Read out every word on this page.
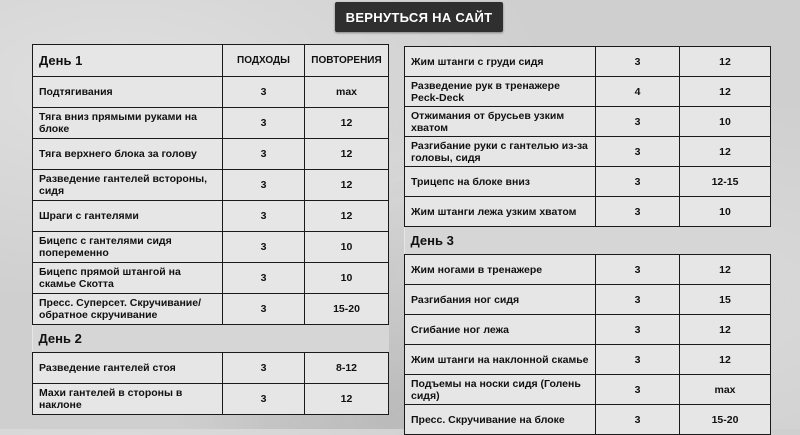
ВЕРНУТЬСЯ НА САЙТ
День 1	ПОДХОДЫ	ПОВТОРЕНИЯ
Подтягивания	3	max
Тяга вниз прямыми руками на блоке	3	12
Тяга верхнего блока за голову	3	12
Разведение гантелей встороны, сидя	3	12
Шраги с гантелями	3	12
Бицепс с гантелями сидя попеременно	3	10
Бицепс прямой штангой на скамье Скотта	3	10
Пресс. Суперсет. Скручивание/обратное скручивание	3	15-20
День 2		
Разведение гантелей стоя	3	8-12
Махи гантелей в стороны в наклоне	3	12
Жим штанги с груди сидя	3	12
Разведение рук в тренажере Peck-Deck	4	12
Отжимания от брусьев узким хватом	3	10
Разгибание руки с гантелью из-за головы, сидя	3	12
Трицепс на блоке вниз	3	12-15
Жим штанги лежа узким хватом	3	10
День 3		
Жим ногами в тренажере	3	12
Разгибания ног сидя	3	15
Сгибание ног лежа	3	12
Жим штанги на наклонной скамье	3	12
Подъемы на носки сидя (Голень сидя)	3	max
Пресс. Скручивание на блоке	3	15-20
